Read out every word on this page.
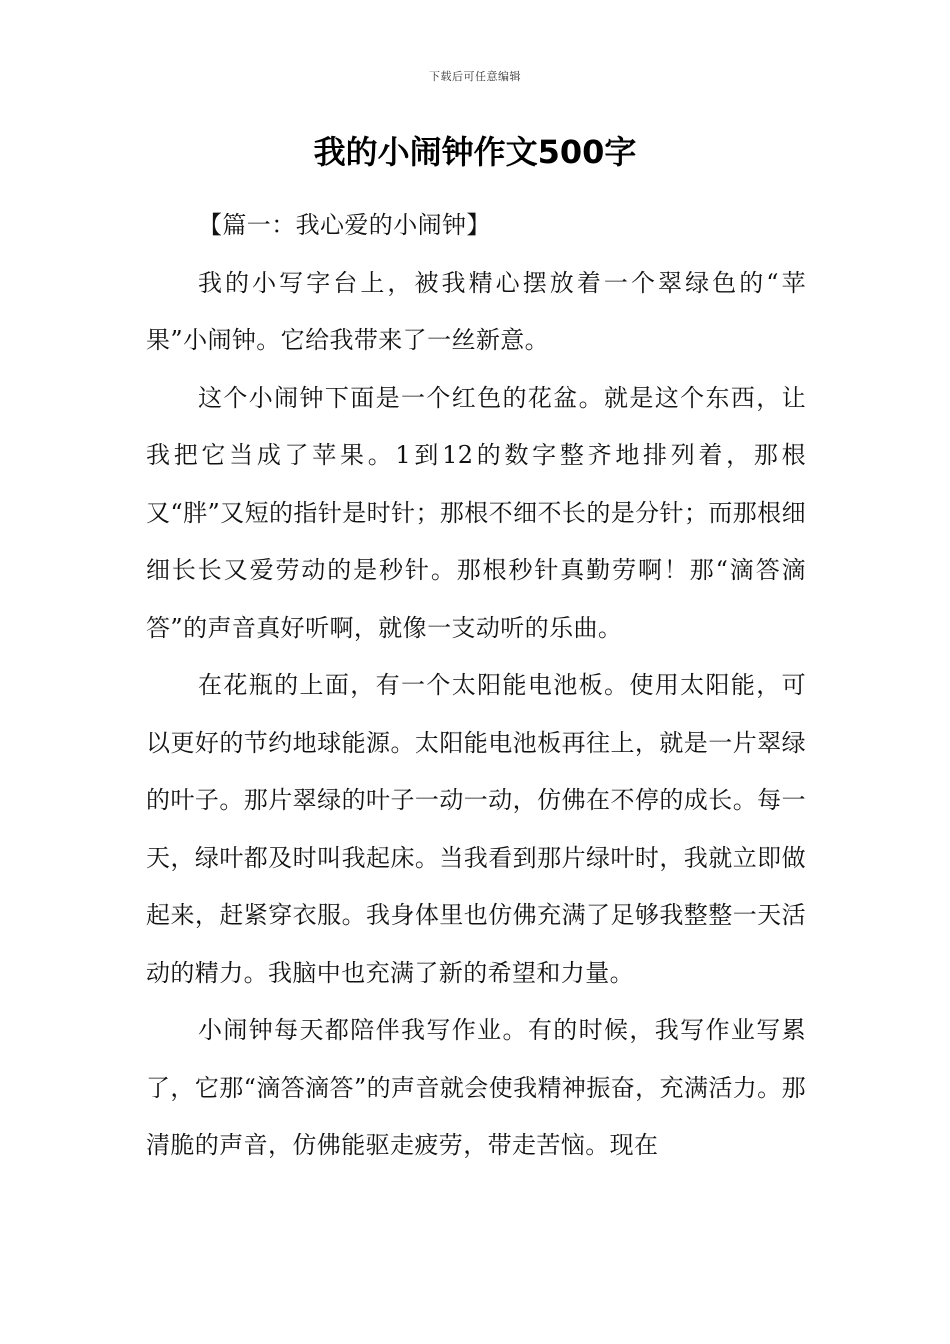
下载后可任意编辑
我的小闹钟作文500字

【篇一：我心爱的小闹钟】

我的小写字台上，被我精心摆放着一个翠绿色的“苹果”小闹钟。它给我带来了一丝新意。

这个小闹钟下面是一个红色的花盆。就是这个东西，让我把它当成了苹果。1到12的数字整齐地排列着，那根又“胖”又短的指针是时针；那根不细不长的是分针；而那根细细长长又爱劳动的是秒针。那根秒针真勤劳啊！那“滴答滴答”的声音真好听啊，就像一支动听的乐曲。

在花瓶的上面，有一个太阳能电池板。使用太阳能，可以更好的节约地球能源。太阳能电池板再往上，就是一片翠绿的叶子。那片翠绿的叶子一动一动，仿佛在不停的成长。每一天，绿叶都及时叫我起床。当我看到那片绿叶时，我就立即做起来，赶紧穿衣服。我身体里也仿佛充满了足够我整整一天活动的精力。我脑中也充满了新的希望和力量。

小闹钟每天都陪伴我写作业。有的时候，我写作业写累了，它那“滴答滴答”的声音就会使我精神振奋，充满活力。那清脆的声音，仿佛能驱走疲劳，带走苦恼。现在
